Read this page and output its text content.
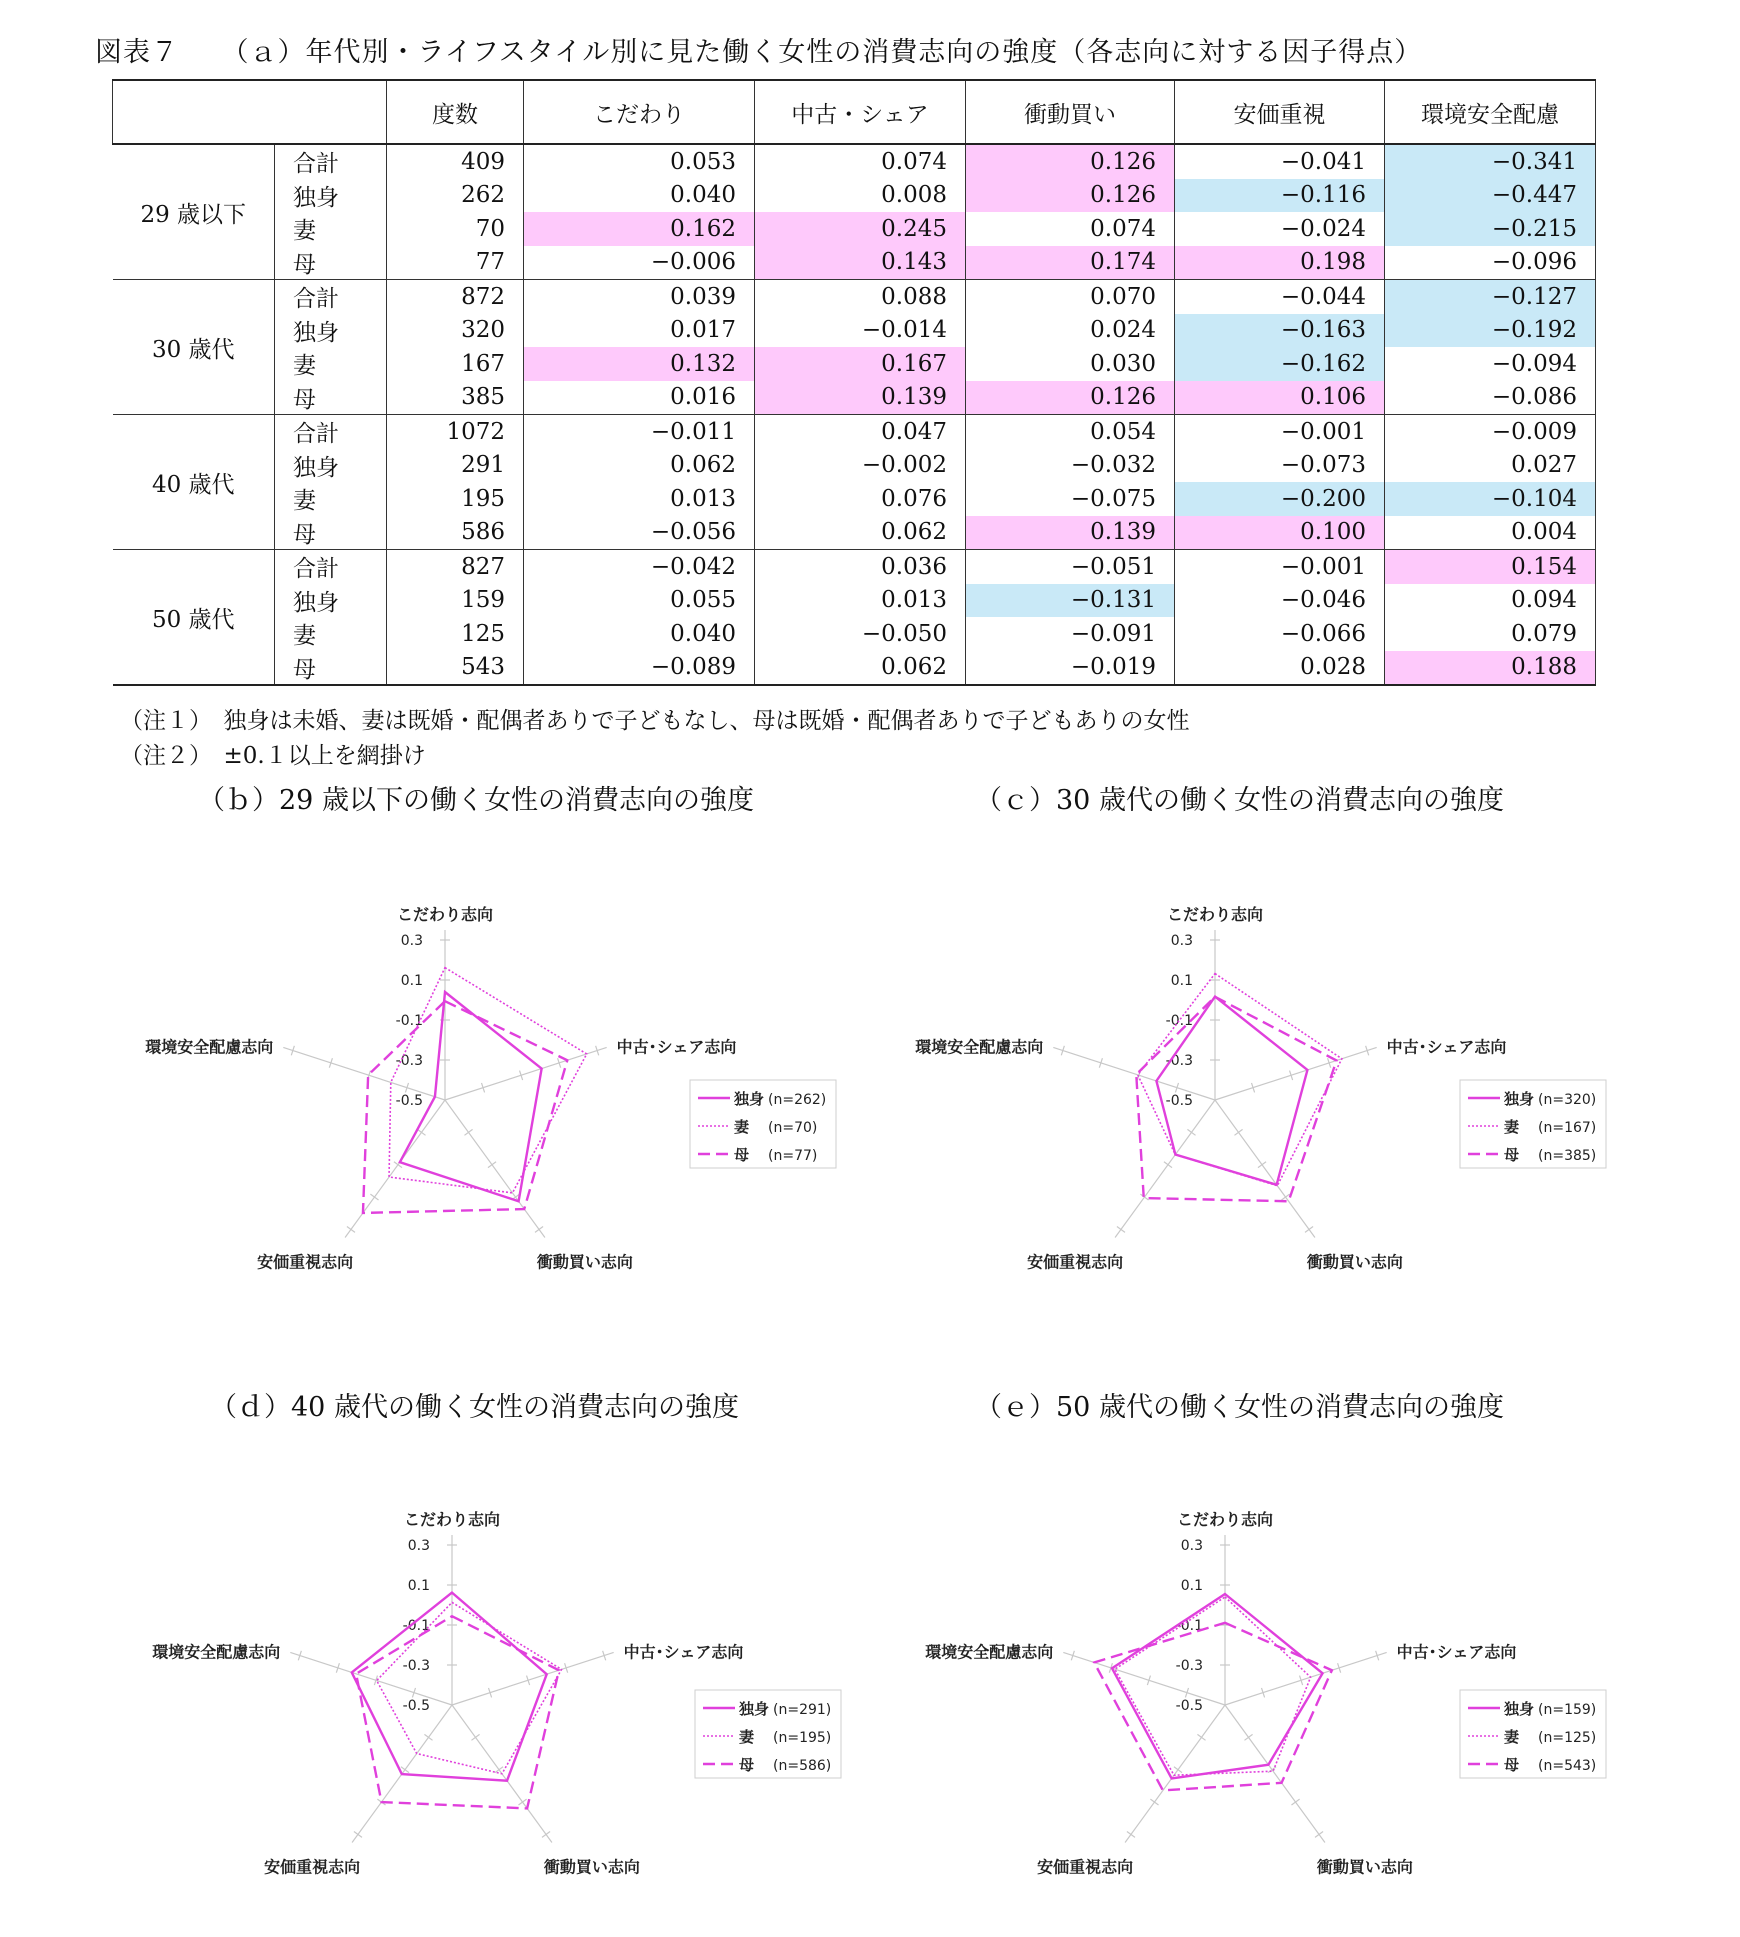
図表７　　（ａ）年代別・ライフスタイル別に見た働く女性の消費志向の強度（各志向に対する因子得点）
		度数	こだわり	中古・シェア	衝動買い	安価重視	環境安全配慮
29 歳以下	合計	409	0.053	0.074	0.126	−0.041	−0.341
	独身	262	0.040	0.008	0.126	−0.116	−0.447
	妻	70	0.162	0.245	0.074	−0.024	−0.215
	母	77	−0.006	0.143	0.174	0.198	−0.096
30 歳代	合計	872	0.039	0.088	0.070	−0.044	−0.127
	独身	320	0.017	−0.014	0.024	−0.163	−0.192
	妻	167	0.132	0.167	0.030	−0.162	−0.094
	母	385	0.016	0.139	0.126	0.106	−0.086
40 歳代	合計	1072	−0.011	0.047	0.054	−0.001	−0.009
	独身	291	0.062	−0.002	−0.032	−0.073	0.027
	妻	195	0.013	0.076	−0.075	−0.200	−0.104
	母	586	−0.056	0.062	0.139	0.100	0.004
50 歳代	合計	827	−0.042	0.036	−0.051	−0.001	0.154
	独身	159	0.055	0.013	−0.131	−0.046	0.094
	妻	125	0.040	−0.050	−0.091	−0.066	0.079
	母	543	−0.089	0.062	−0.019	0.028	0.188
（注１）　独身は未婚、妻は既婚・配偶者ありで子どもなし、母は既婚・配偶者ありで子どもありの女性
（注２）　±0.１以上を網掛け
（ｂ）29 歳以下の働く女性の消費志向の強度	（ｃ）30 歳代の働く女性の消費志向の強度
（ｄ）40 歳代の働く女性の消費志向の強度	（ｅ）50 歳代の働く女性の消費志向の強度
0.3
0.1
-0.1
-0.3
-0.5
こだわり志向
中古･シェア志向
衝動買い志向
安価重視志向
環境安全配慮志向
独身 (n=262)
妻 (n=70)
母 (n=77)
0.3
0.1
-0.1
-0.3
-0.5
こだわり志向
中古･シェア志向
衝動買い志向
安価重視志向
環境安全配慮志向
独身 (n=320)
妻 (n=167)
母 (n=385)
0.3
0.1
-0.1
-0.3
-0.5
こだわり志向
中古･シェア志向
衝動買い志向
安価重視志向
環境安全配慮志向
独身 (n=291)
妻 (n=195)
母 (n=586)
0.3
0.1
-0.1
-0.3
-0.5
こだわり志向
中古･シェア志向
衝動買い志向
安価重視志向
環境安全配慮志向
独身 (n=159)
妻 (n=125)
母 (n=543)
